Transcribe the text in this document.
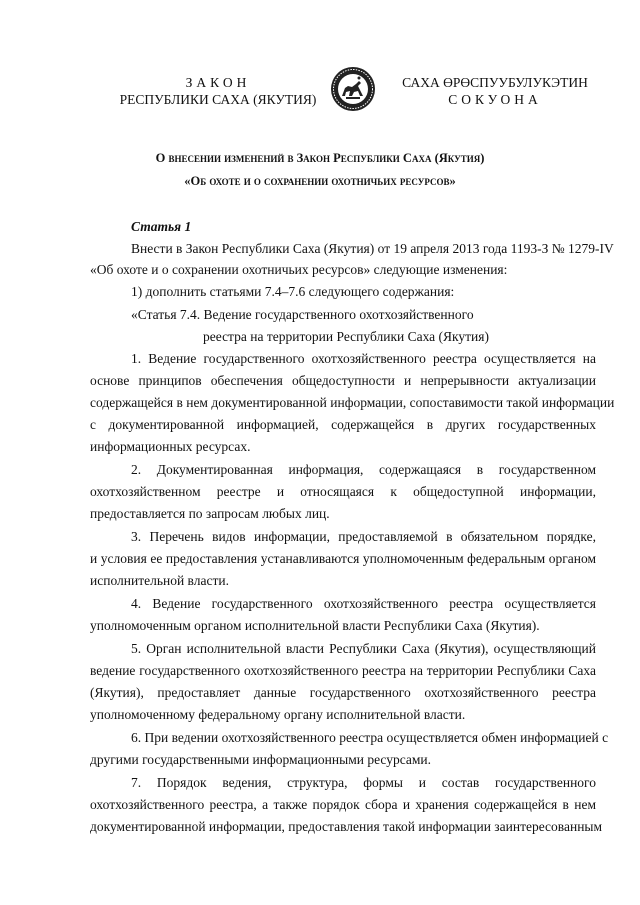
ЗАКОН
РЕСПУБЛИКИ САХА (ЯКУТИЯ)
САХА ӨРӨСПУУБУЛУКЭТИН
СОКУОНА
О внесении изменений в Закон Республики Саха (Якутия)
«Об охоте и о сохранении охотничьих ресурсов»
Статья 1
Внести в Закон Республики Саха (Якутия) от 19 апреля 2013 года 1193-З № 1279-IV
«Об охоте и о сохранении охотничьих ресурсов» следующие изменения:
1) дополнить статьями 7.4–7.6 следующего содержания:
«Статья 7.4. Ведение государственного охотхозяйственного
реестра на территории Республики Саха (Якутия)
1. Ведение государственного охотхозяйственного реестра осуществляется на
основе принципов обеспечения общедоступности и непрерывности актуализации
содержащейся в нем документированной информации, сопоставимости такой информации
с документированной информацией, содержащейся в других государственных
информационных ресурсах.
2. Документированная информация, содержащаяся в государственном
охотхозяйственном реестре и относящаяся к общедоступной информации,
предоставляется по запросам любых лиц.
3. Перечень видов информации, предоставляемой в обязательном порядке,
и условия ее предоставления устанавливаются уполномоченным федеральным органом
исполнительной власти.
4. Ведение государственного охотхозяйственного реестра осуществляется
уполномоченным органом исполнительной власти Республики Саха (Якутия).
5. Орган исполнительной власти Республики Саха (Якутия), осуществляющий
ведение государственного охотхозяйственного реестра на территории Республики Саха
(Якутия), предоставляет данные государственного охотхозяйственного реестра
уполномоченному федеральному органу исполнительной власти.
6. При ведении охотхозяйственного реестра осуществляется обмен информацией с
другими государственными информационными ресурсами.
7. Порядок ведения, структура, формы и состав государственного
охотхозяйственного реестра, а также порядок сбора и хранения содержащейся в нем
документированной информации, предоставления такой информации заинтересованным
